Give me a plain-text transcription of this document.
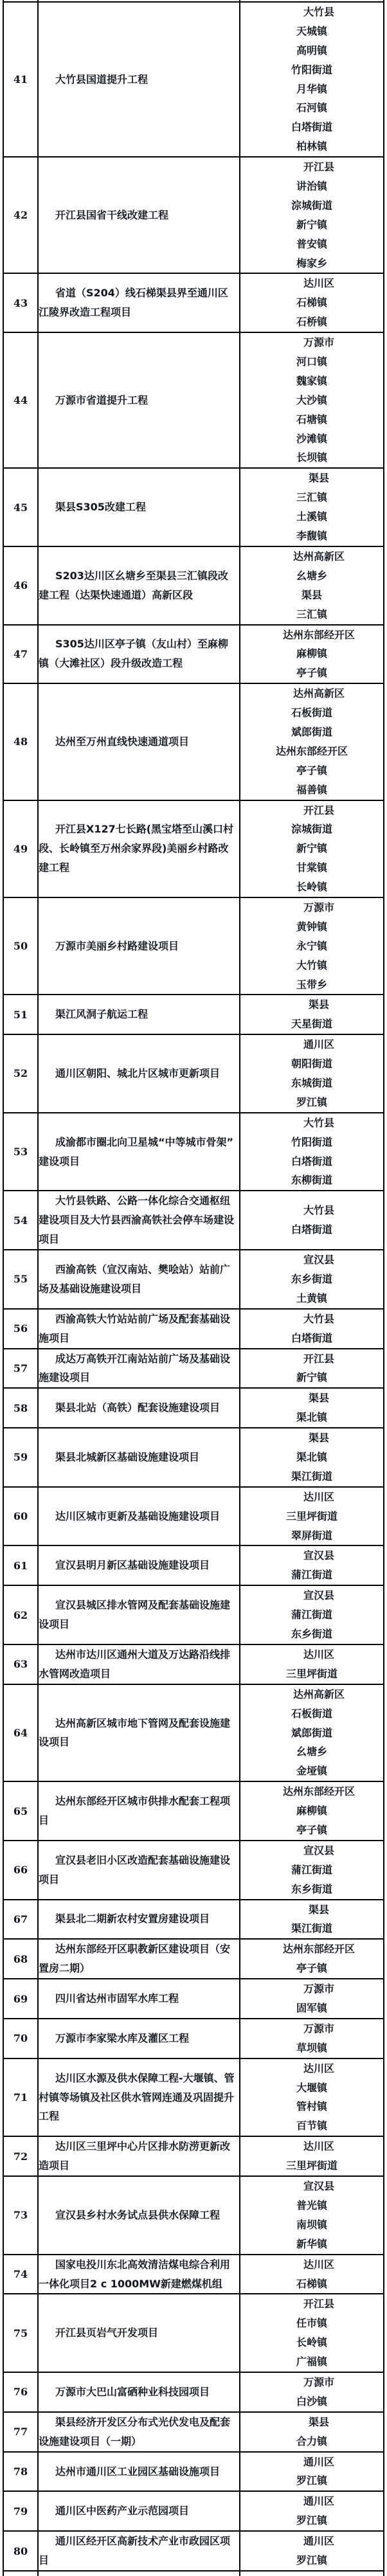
41	大竹县国道提升工程
大竹县
天城镇
高明镇
竹阳街道
月华镇
石河镇
白塔街道
柏林镇
42	开江县国省干线改建工程
开江县
讲治镇
淙城街道
新宁镇
普安镇
梅家乡
43
省道（S204）线石梯渠县界至通川区江陵界改造工程项目
达川区
石梯镇
石桥镇
44	万源市省道提升工程
万源市
河口镇
魏家镇
大沙镇
石塘镇
沙滩镇
长坝镇
45	渠县S305改建工程
渠县
三汇镇
土溪镇
李馥镇
46
S203达川区幺塘乡至渠县三汇镇段改建工程（达渠快速通道）高新区段
达州高新区
幺塘乡
渠县
三汇镇
47
S305达川区亭子镇（友山村）至麻柳镇（大滩社区）段升级改造工程
达州东部经开区
麻柳镇
亭子镇
48	达州至万州直线快速通道项目
达州高新区
石板街道
斌郎街道
达州东部经开区
亭子镇
福善镇
49
开江县X127七长路(黑宝塔至山溪口村段、长岭镇至万州余家界段)美丽乡村路改建工程
开江县
淙城街道
新宁镇
甘棠镇
长岭镇
50	万源市美丽乡村路建设项目
万源市
黄钟镇
永宁镇
大竹镇
玉带乡
51	渠江风洞子航运工程
渠县
天星街道
52	通川区朝阳、城北片区城市更新项目
通川区
朝阳街道
东城街道
罗江镇
53
成渝都市圈北向卫星城“中等城市骨架”建设项目
大竹县
竹阳街道
白塔街道
东柳街道
54
大竹县铁路、公路一体化综合交通枢纽建设项目及大竹县西渝高铁社会停车场建设项目
大竹县
白塔街道
55
西渝高铁（宣汉南站、樊哙站）站前广场及基础设施建设项目
宣汉县
东乡街道
土黄镇
56
西渝高铁大竹站站前广场及配套基础设施项目
大竹县
白塔街道
57
成达万高铁开江南站站前广场及基础设施建设项目
开江县
新宁镇
58	渠县北站（高铁）配套设施建设项目
渠县
渠北镇
59	渠县北城新区基础设施建设项目
渠县
渠北镇
渠江街道
60	达川区城市更新及基础设施建设项目
达川区
三里坪街道
翠屏街道
61	宣汉县明月新区基础设施建设项目
宣汉县
蒲江街道
62
宣汉县城区排水管网及配套基础设施建设项目
宣汉县
蒲江街道
东乡街道
63
达州市达川区通州大道及万达路沿线排水管网改造项目
达川区
三里坪街道
64
达州高新区城市地下管网及配套设施建设项目
达州高新区
石板街道
斌郎街道
幺塘乡
金垭镇
65
达州东部经开区城市供排水配套工程项目
达州东部经开区
麻柳镇
亭子镇
66
宣汉县老旧小区改造配套基础设施建设项目
宣汉县
蒲江街道
东乡街道
67	渠县北二期新农村安置房建设项目
渠县
渠江街道
68
达州东部经开区职教新区建设项目（安置房二期）
达州东部经开区
亭子镇
69	四川省达州市固军水库工程
万源市
固军镇
70	万源市李家梁水库及灌区工程
万源市
草坝镇
71
达川区水源及供水保障工程-大堰镇、管村镇等场镇及社区供水管网连通及巩固提升工程
达川区
大堰镇
管村镇
百节镇
72
达川区三里坪中心片区排水防涝更新改造项目
达川区
三里坪街道
73	宣汉县乡村水务试点县供水保障工程
宣汉县
普光镇
南坝镇
新华镇
74
国家电投川东北高效清洁煤电综合利用一体化项目2 c 1000MW新建燃煤机组
达川区
石梯镇
75	开江县页岩气开发项目
开江县
任市镇
长岭镇
广福镇
76	万源市大巴山富硒种业科技园项目
万源市
白沙镇
77
渠县经济开发区分布式光伏发电及配套设施建设项目（一期）
渠县
合力镇
78	达州市通川区工业园区基础设施项目
通川区
罗江镇
79	通川区中医药产业示范园项目
通川区
罗江镇
80
通川区经开区高新技术产业市政园区项目
通川区
罗江镇
